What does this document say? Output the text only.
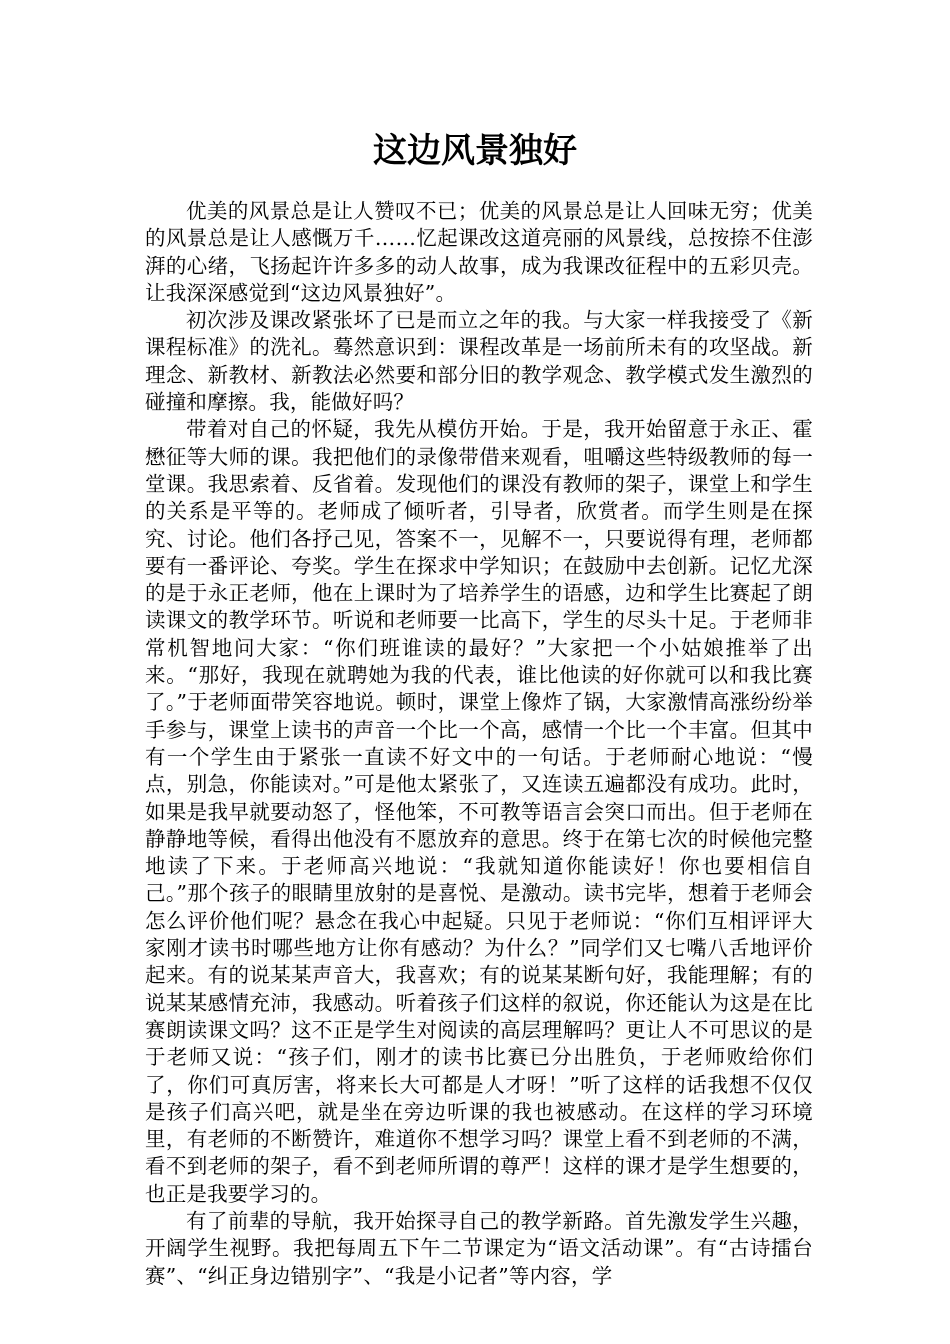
这边风景独好

优美的风景总是让人赞叹不已；优美的风景总是让人回味无穷；优美的风景总是让人感慨万千……忆起课改这道亮丽的风景线，总按捺不住澎湃的心绪，飞扬起许许多多的动人故事，成为我课改征程中的五彩贝壳。让我深深感觉到“这边风景独好”。

初次涉及课改紧张坏了已是而立之年的我。与大家一样我接受了《新课程标准》的洗礼。蓦然意识到：课程改革是一场前所未有的攻坚战。新理念、新教材、新教法必然要和部分旧的教学观念、教学模式发生激烈的碰撞和摩擦。我，能做好吗？

带着对自己的怀疑，我先从模仿开始。于是，我开始留意于永正、霍懋征等大师的课。我把他们的录像带借来观看，咀嚼这些特级教师的每一堂课。我思索着、反省着。发现他们的课没有教师的架子，课堂上和学生的关系是平等的。老师成了倾听者，引导者，欣赏者。而学生则是在探究、讨论。他们各抒己见，答案不一，见解不一，只要说得有理，老师都要有一番评论、夸奖。学生在探求中学知识；在鼓励中去创新。记忆尤深的是于永正老师，他在上课时为了培养学生的语感，边和学生比赛起了朗读课文的教学环节。听说和老师要一比高下，学生的尽头十足。于老师非常机智地问大家：“你们班谁读的最好？”大家把一个小姑娘推举了出来。“那好，我现在就聘她为我的代表，谁比他读的好你就可以和我比赛了。”于老师面带笑容地说。顿时，课堂上像炸了锅，大家激情高涨纷纷举手参与，课堂上读书的声音一个比一个高，感情一个比一个丰富。但其中有一个学生由于紧张一直读不好文中的一句话。于老师耐心地说：“慢点，别急，你能读对。”可是他太紧张了，又连读五遍都没有成功。此时，如果是我早就要动怒了，怪他笨，不可教等语言会突口而出。但于老师在静静地等候，看得出他没有不愿放弃的意思。终于在第七次的时候他完整地读了下来。于老师高兴地说：“我就知道你能读好！你也要相信自己。”那个孩子的眼睛里放射的是喜悦、是激动。读书完毕，想着于老师会怎么评价他们呢？悬念在我心中起疑。只见于老师说：“你们互相评评大家刚才读书时哪些地方让你有感动？为什么？”同学们又七嘴八舌地评价起来。有的说某某声音大，我喜欢；有的说某某断句好，我能理解；有的说某某感情充沛，我感动。听着孩子们这样的叙说，你还能认为这是在比赛朗读课文吗？这不正是学生对阅读的高层理解吗？更让人不可思议的是于老师又说：“孩子们，刚才的读书比赛已分出胜负，于老师败给你们了，你们可真厉害，将来长大可都是人才呀！”听了这样的话我想不仅仅是孩子们高兴吧，就是坐在旁边听课的我也被感动。在这样的学习环境里，有老师的不断赞许，难道你不想学习吗？课堂上看不到老师的不满，看不到老师的架子，看不到老师所谓的尊严！这样的课才是学生想要的，也正是我要学习的。

有了前辈的导航，我开始探寻自己的教学新路。首先激发学生兴趣，开阔学生视野。我把每周五下午二节课定为“语文活动课”。有“古诗擂台赛”、“纠正身边错别字”、“我是小记者”等内容，学
